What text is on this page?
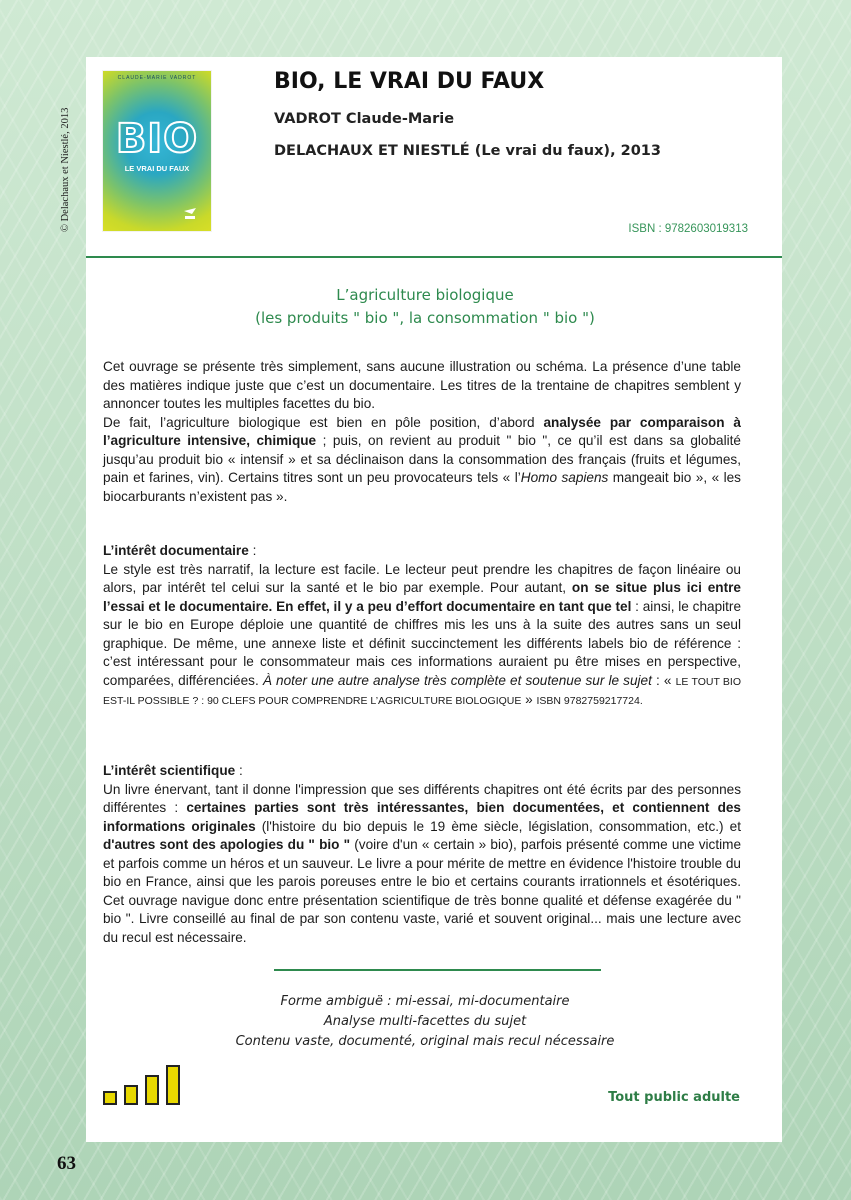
© Delachaux et Niestlé, 2013
CLAUDE-MARIE VADROT
BIO
LE VRAI DU FAUX
BIO, LE VRAI DU FAUX
VADROT Claude-Marie
DELACHAUX ET NIESTLÉ (Le vrai du faux), 2013
ISBN : 9782603019313
L’agriculture biologique
(les produits " bio ", la consommation " bio ")

Cet ouvrage se présente très simplement, sans aucune illustration ou schéma. La présence d’une table des matières indique juste que c’est un documentaire. Les titres de la trentaine de chapitres semblent y annoncer toutes les multiples facettes du bio.

De fait, l’agriculture biologique est bien en pôle position, d’abord analysée par comparaison à l’agriculture intensive, chimique ; puis, on revient au produit " bio ", ce qu’il est dans sa globalité jusqu’au produit bio « intensif » et sa déclinaison dans la consommation des français (fruits et légumes, pain et farines, vin). Certains titres sont un peu provocateurs tels « l’Homo sapiens mangeait bio », « les biocarburants n’existent pas ».

L’intérêt documentaire :

Le style est très narratif, la lecture est facile. Le lecteur peut prendre les chapitres de façon linéaire ou alors, par intérêt tel celui sur la santé et le bio par exemple. Pour autant, on se situe plus ici entre l’essai et le documentaire. En effet, il y a peu d’effort documentaire en tant que tel : ainsi, le chapitre sur le bio en Europe déploie une quantité de chiffres mis les uns à la suite des autres sans un seul graphique. De même, une annexe liste et définit succinctement les différents labels bio de référence : c’est intéressant pour le consommateur mais ces informations auraient pu être mises en perspective, comparées, différenciées. À noter une autre analyse très complète et soutenue sur le sujet : « LE TOUT BIO EST-IL POSSIBLE ? : 90 CLEFS POUR COMPRENDRE L’AGRICULTURE BIOLOGIQUE » ISBN 9782759217724.

L’intérêt scientifique :

Un livre énervant, tant il donne l'impression que ses différents chapitres ont été écrits par des personnes différentes : certaines parties sont très intéressantes, bien documentées, et contiennent des informations originales (l'histoire du bio depuis le 19 ème siècle, législation, consommation, etc.) et d'autres sont des apologies du " bio " (voire d'un « certain » bio), parfois présenté comme une victime et parfois comme un héros et un sauveur. Le livre a pour mérite de mettre en évidence l'histoire trouble du bio en France, ainsi que les parois poreuses entre le bio et certains courants irrationnels et ésotériques. Cet ouvrage navigue donc entre présentation scientifique de très bonne qualité et défense exagérée du " bio ". Livre conseillé au final de par son contenu vaste, varié et souvent original... mais une lecture avec du recul est nécessaire.

Forme ambiguë : mi-essai, mi-documentaire
Analyse multi-facettes du sujet
Contenu vaste, documenté, original mais recul nécessaire
Tout public adulte
63
